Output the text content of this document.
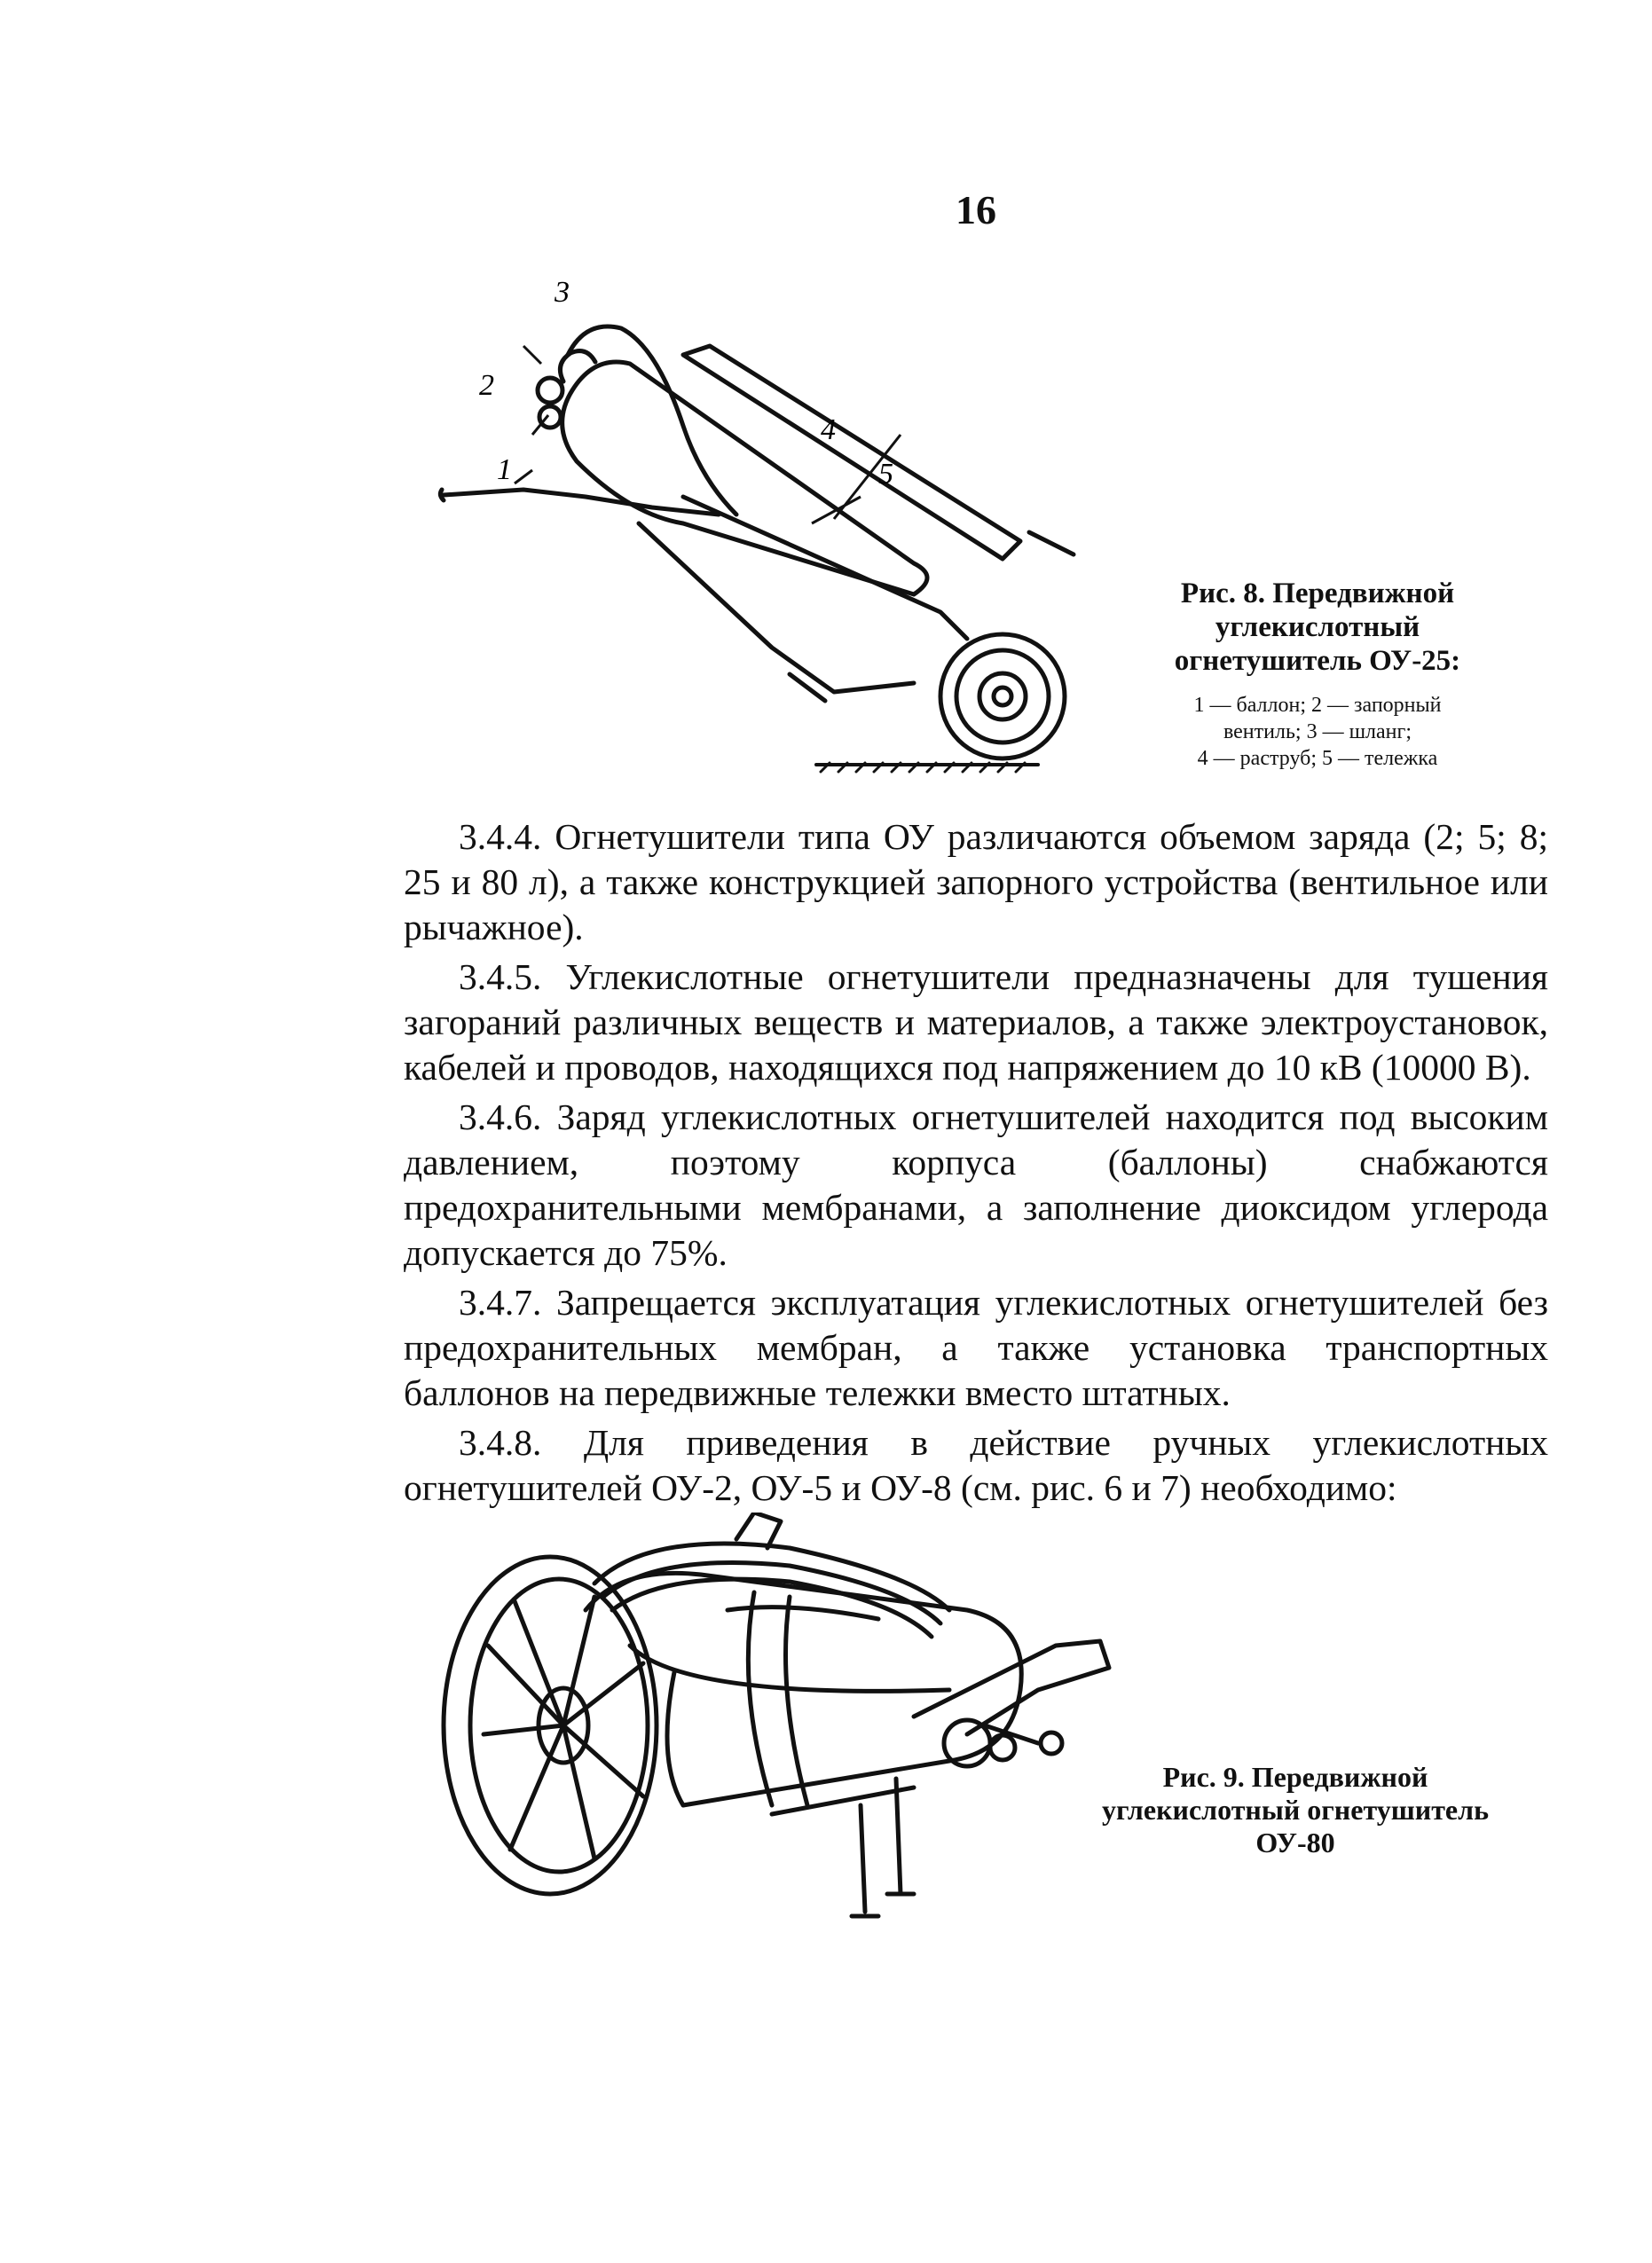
16
1
2
3
4
5
Рис. 8. Передвижной
углекислотный
огнетушитель ОУ-25:
1 — баллон; 2 — запорный
вентиль; 3 — шланг;
4 — раструб; 5 — тележка

3.4.4. Огнетушители типа ОУ различаются объемом заряда (2; 5; 8; 25 и 80 л), а также конструкцией запорного устройства (вентильное или рычажное).

3.4.5. Углекислотные огнетушители предназначены для тушения загораний различных веществ и материалов, а также электроустановок, кабелей и проводов, находящихся под напряжением до 10 кВ (10000 В).

3.4.6. Заряд углекислотных огнетушителей находится под высоким давлением, поэтому корпуса (баллоны) снабжаются предохранительными мембранами, а заполнение диоксидом углерода допускается до 75%.

3.4.7. Запрещается эксплуатация углекислотных огнетушителей без предохранительных мембран, а также установка транспортных баллонов на передвижные тележки вместо штатных.

3.4.8. Для приведения в действие ручных углекислотных огнетушителей ОУ-2, ОУ-5 и ОУ-8 (см. рис. 6 и 7) необходимо:

Рис. 9. Передвижной
углекислотный огнетушитель
ОУ-80
